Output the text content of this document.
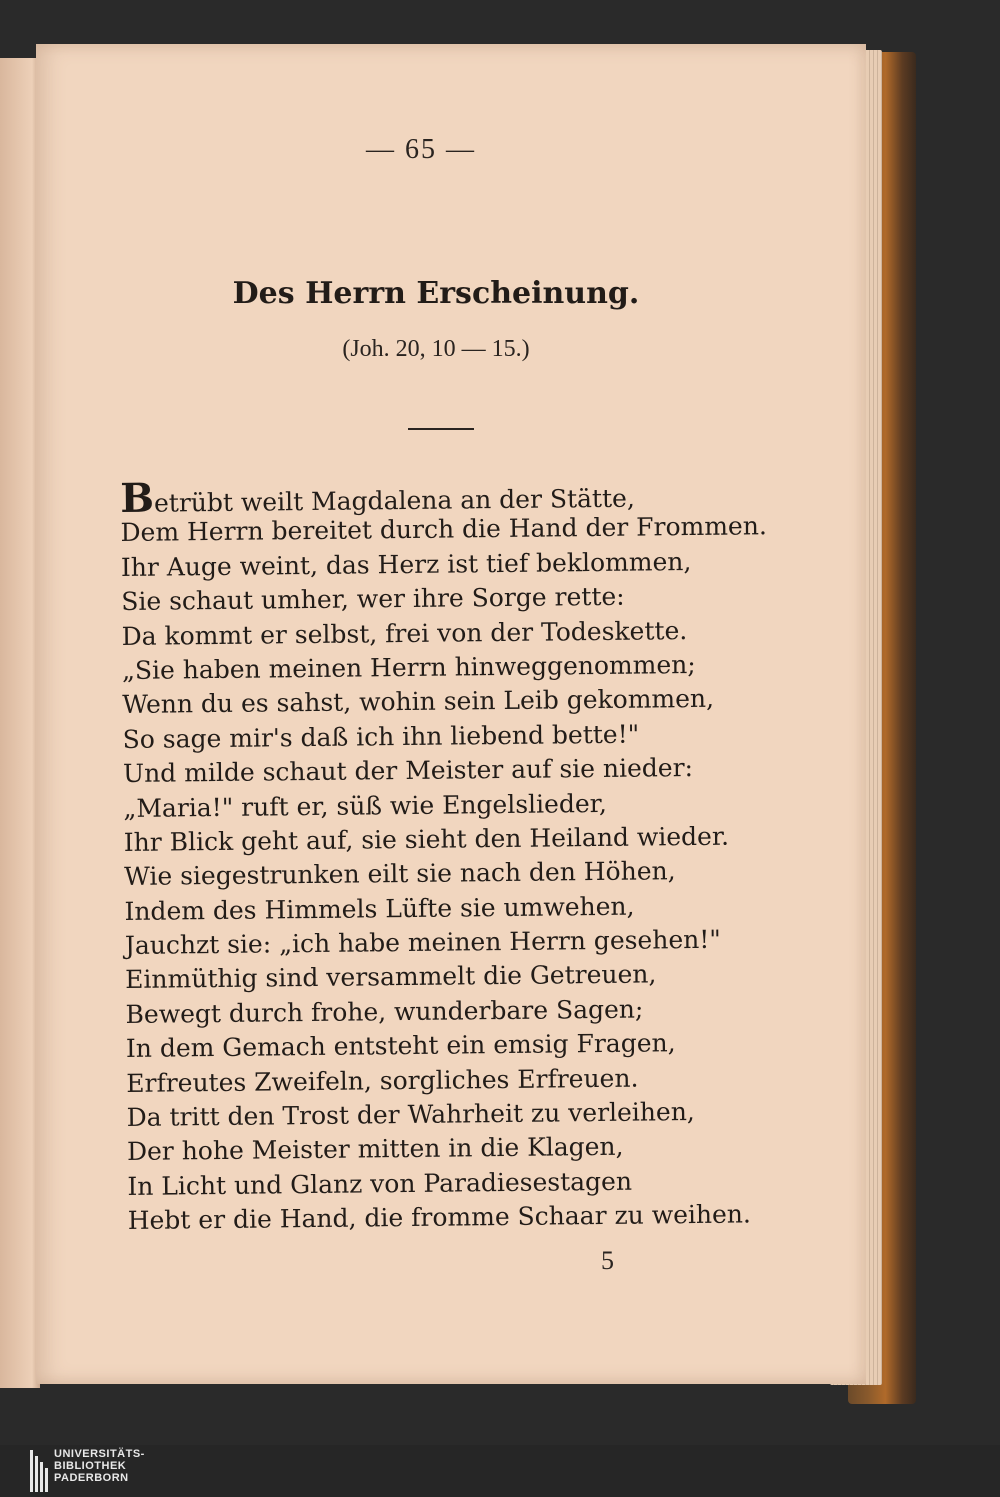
— 65 —
Des Herrn Erscheinung.
(Joh. 20, 10 — 15.)
Betrübt weilt Magdalena an der Stätte,
Dem Herrn bereitet durch die Hand der Frommen.
Ihr Auge weint, das Herz ist tief beklommen,
Sie schaut umher, wer ihre Sorge rette:
Da kommt er selbst, frei von der Todeskette.
„Sie haben meinen Herrn hinweggenommen;
Wenn du es sahst, wohin sein Leib gekommen,
So sage mir's daß ich ihn liebend bette!"
Und milde schaut der Meister auf sie nieder:
„Maria!" ruft er, süß wie Engelslieder,
Ihr Blick geht auf, sie sieht den Heiland wieder.
Wie siegestrunken eilt sie nach den Höhen,
Indem des Himmels Lüfte sie umwehen,
Jauchzt sie: „ich habe meinen Herrn gesehen!"
Einmüthig sind versammelt die Getreuen,
Bewegt durch frohe, wunderbare Sagen;
In dem Gemach entsteht ein emsig Fragen,
Erfreutes Zweifeln, sorgliches Erfreuen.
Da tritt den Trost der Wahrheit zu verleihen,
Der hohe Meister mitten in die Klagen,
In Licht und Glanz von Paradiesestagen
Hebt er die Hand, die fromme Schaar zu weihen.
5
UNIVERSITÄTS-
BIBLIOTHEK
PADERBORN
